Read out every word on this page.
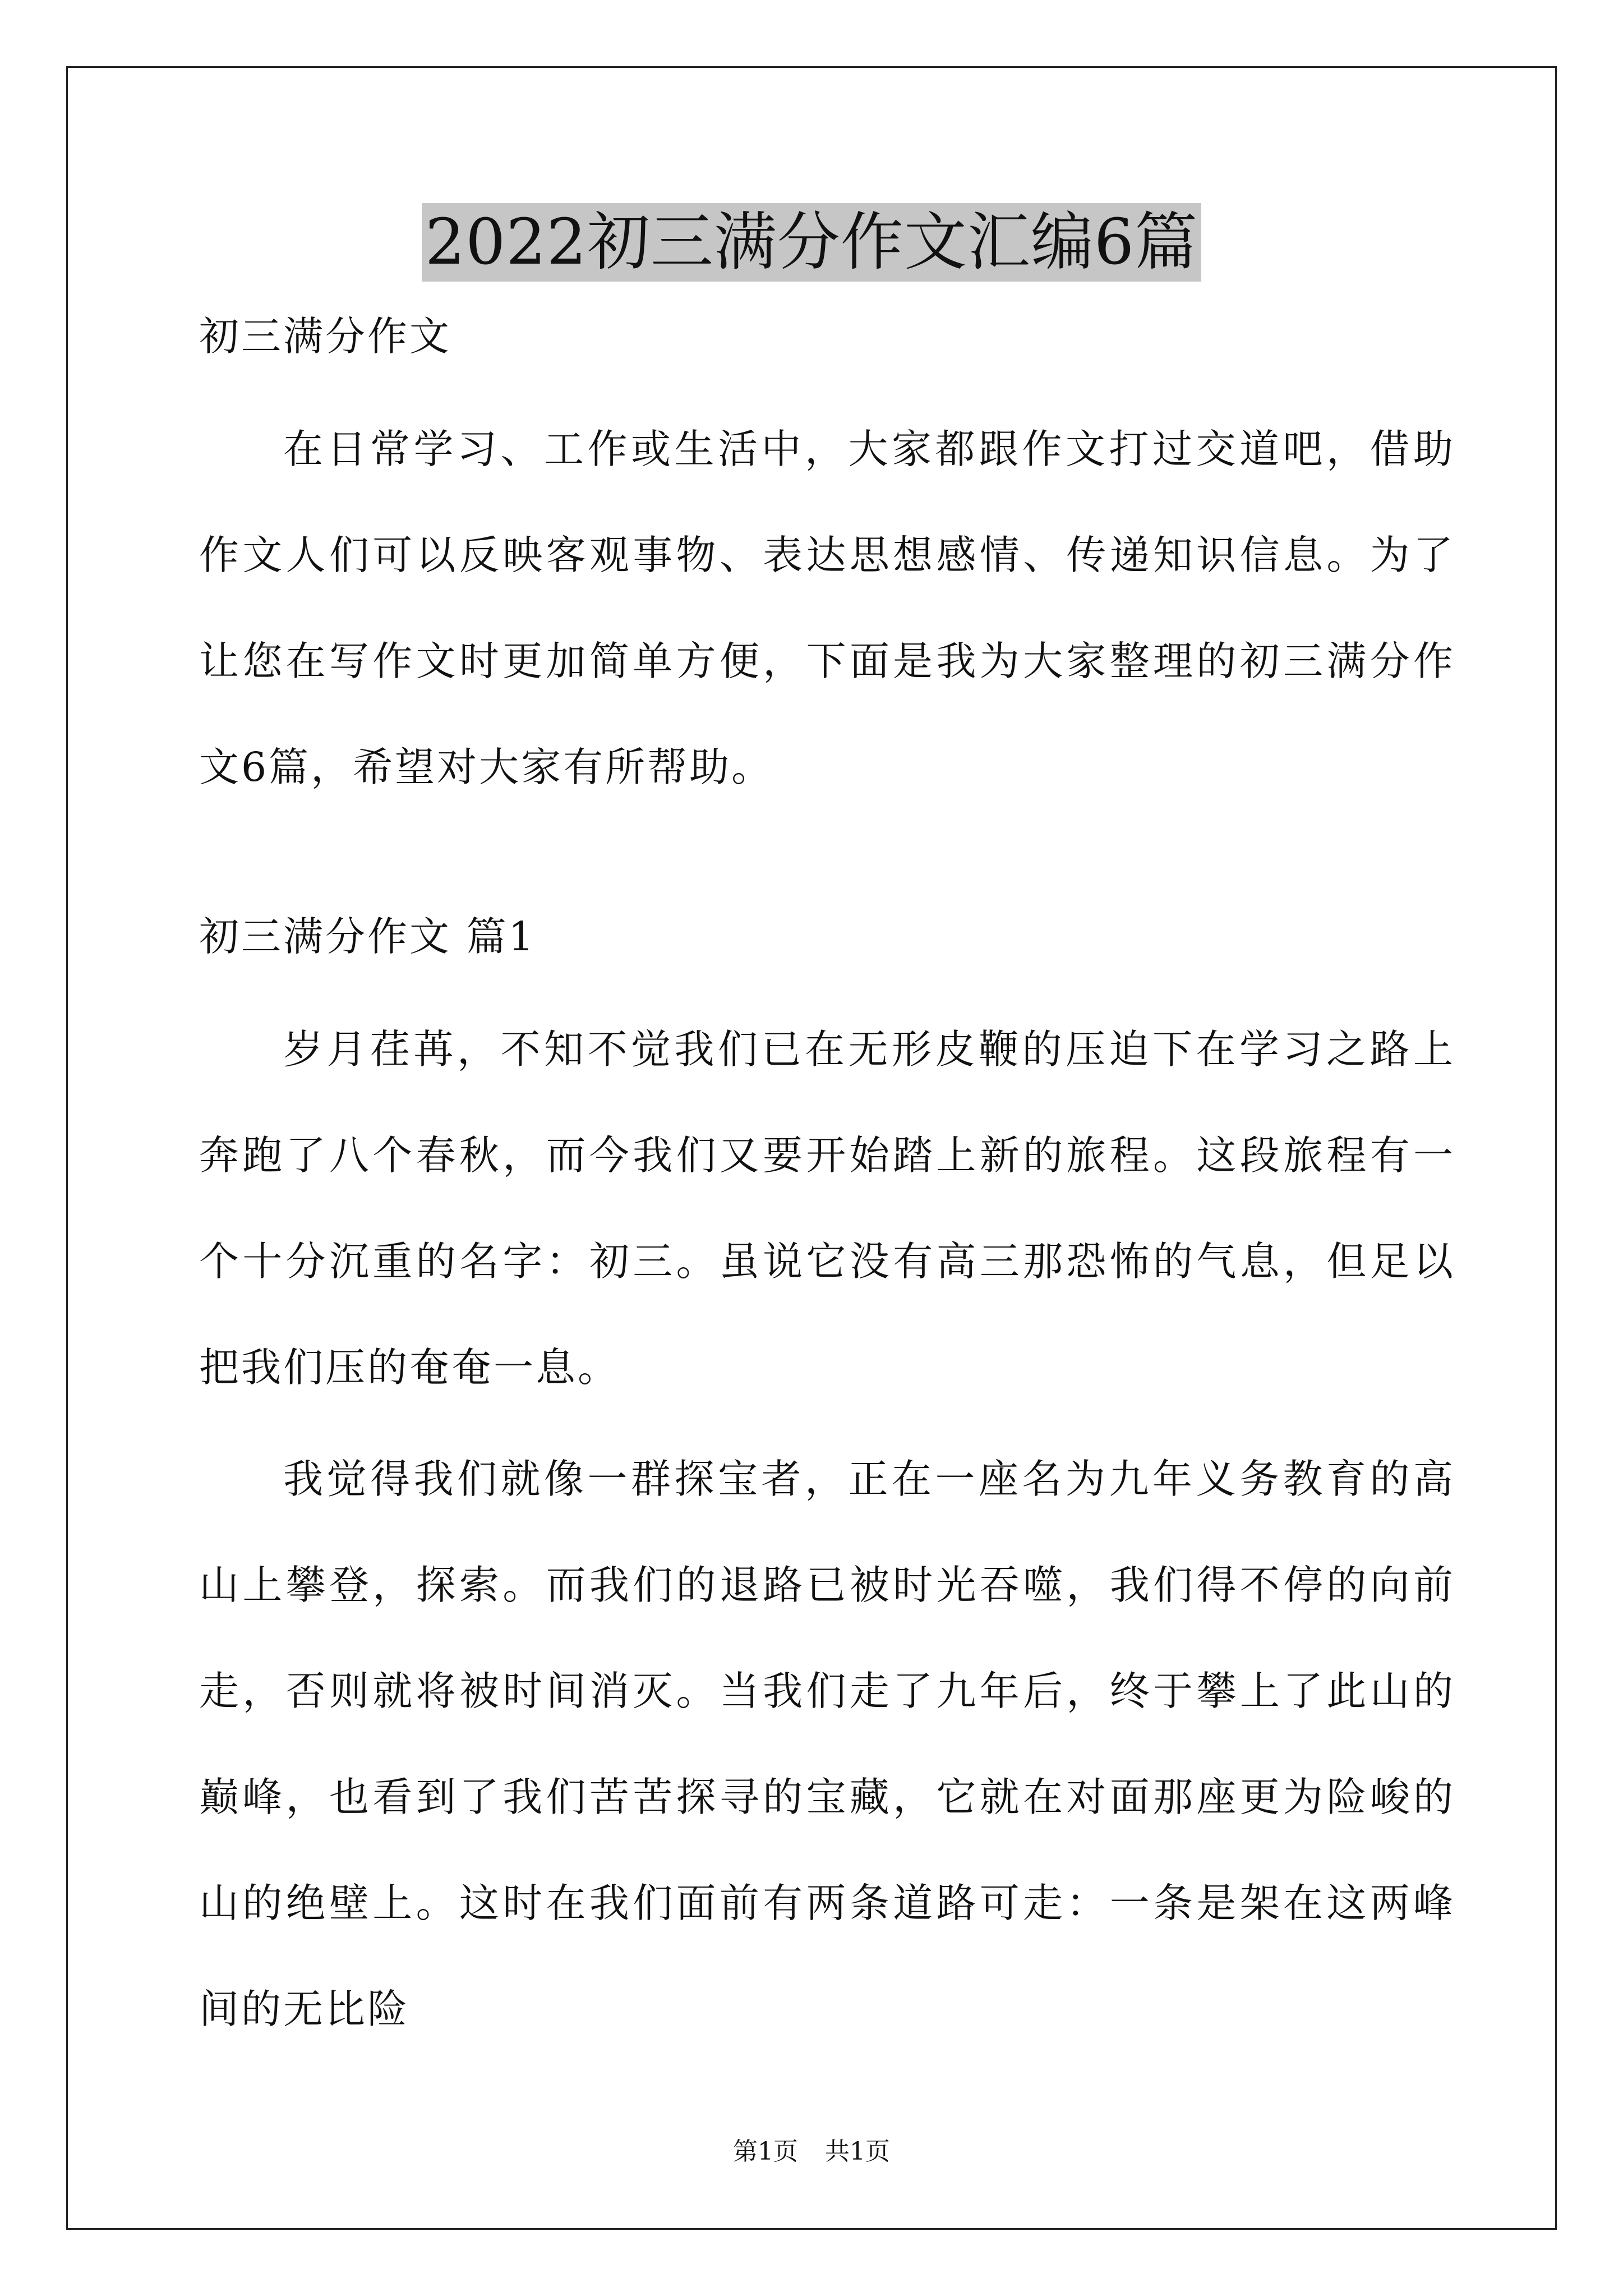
2022初三满分作文汇编6篇
初三满分作文

在日常学习、工作或生活中，大家都跟作文打过交道吧，借助作文人们可以反映客观事物、表达思想感情、传递知识信息。为了让您在写作文时更加简单方便，下面是我为大家整理的初三满分作文6篇，希望对大家有所帮助。

初三满分作文 篇1

岁月荏苒，不知不觉我们已在无形皮鞭的压迫下在学习之路上奔跑了八个春秋，而今我们又要开始踏上新的旅程。这段旅程有一个十分沉重的名字：初三。虽说它没有高三那恐怖的气息，但足以把我们压的奄奄一息。

我觉得我们就像一群探宝者，正在一座名为九年义务教育的高山上攀登，探索。而我们的退路已被时光吞噬，我们得不停的向前走，否则就将被时间消灭。当我们走了九年后，终于攀上了此山的巅峰，也看到了我们苦苦探寻的宝藏，它就在对面那座更为险峻的山的绝壁上。这时在我们面前有两条道路可走：一条是架在这两峰间的无比险

第1页 共1页
